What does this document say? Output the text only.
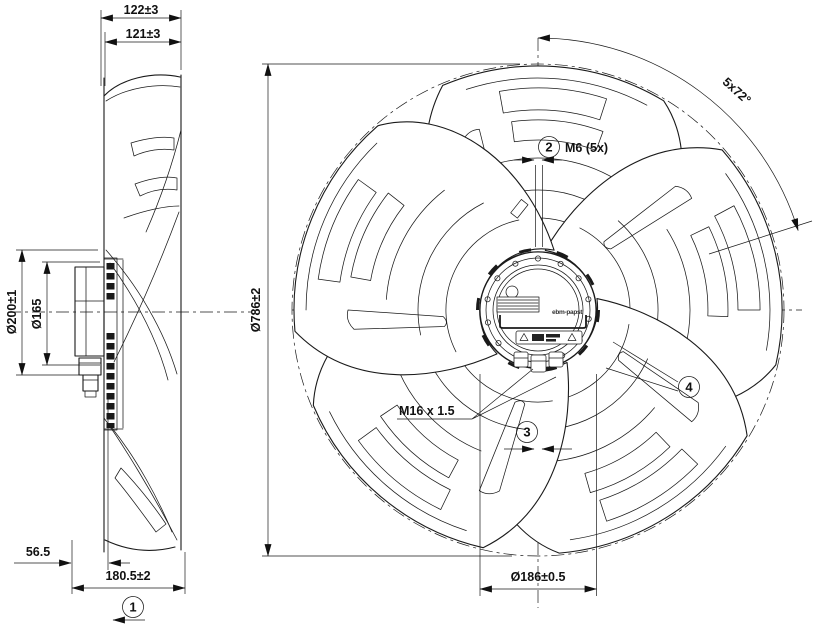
122±3
121±3
Ø200±1 Ø165
56.5
180.5±2
1
ebm-papst
Ø786±2
5x72°
2 M6 (5x)
M16 x 1.5
3
4
Ø186±0.5
